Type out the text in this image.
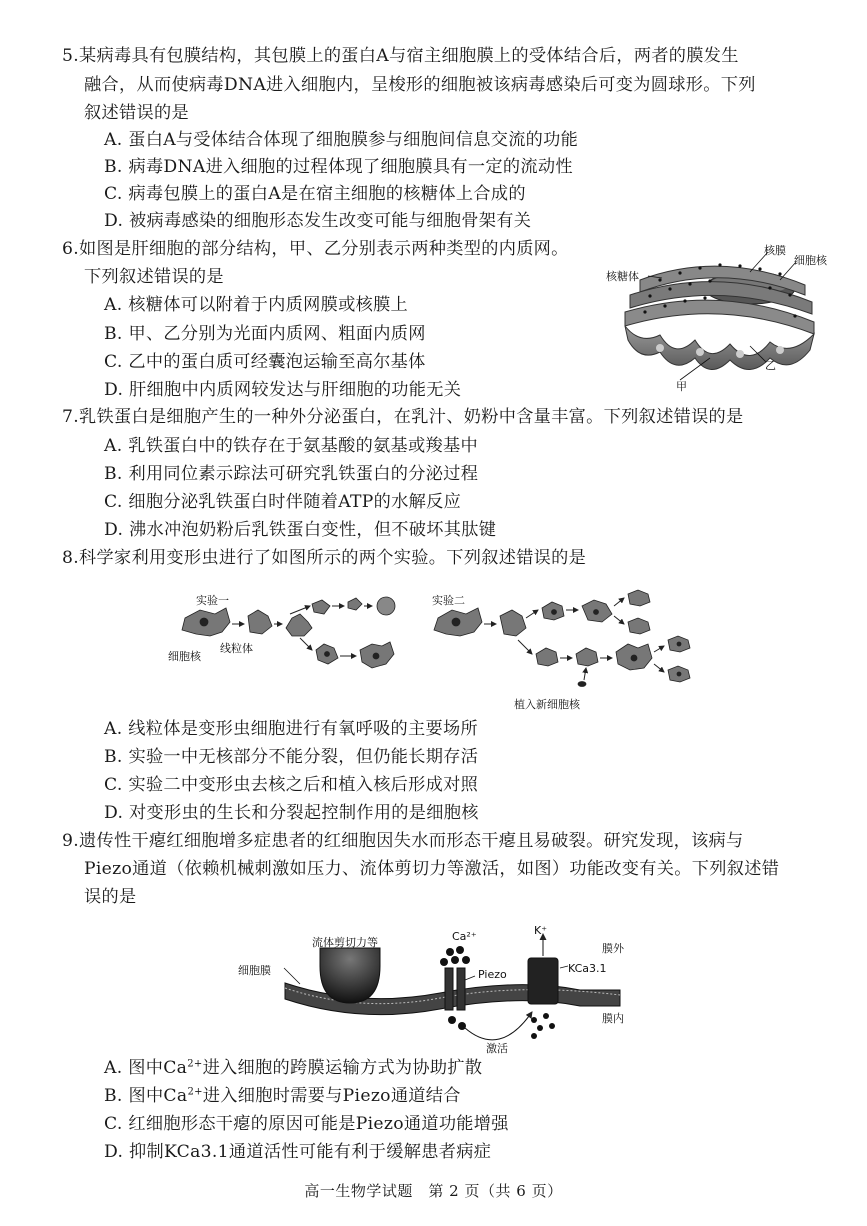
5.某病毒具有包膜结构，其包膜上的蛋白A与宿主细胞膜上的受体结合后，两者的膜发生
融合，从而使病毒DNA进入细胞内，呈梭形的细胞被该病毒感染后可变为圆球形。下列
叙述错误的是
A. 蛋白A与受体结合体现了细胞膜参与细胞间信息交流的功能
B. 病毒DNA进入细胞的过程体现了细胞膜具有一定的流动性
C. 病毒包膜上的蛋白A是在宿主细胞的核糖体上合成的
D. 被病毒感染的细胞形态发生改变可能与细胞骨架有关
6.如图是肝细胞的部分结构，甲、乙分别表示两种类型的内质网。
下列叙述错误的是
A. 核糖体可以附着于内质网膜或核膜上
B. 甲、乙分别为光面内质网、粗面内质网
C. 乙中的蛋白质可经囊泡运输至高尔基体
D. 肝细胞中内质网较发达与肝细胞的功能无关
核膜
细胞核
核糖体
乙
甲
7.乳铁蛋白是细胞产生的一种外分泌蛋白，在乳汁、奶粉中含量丰富。下列叙述错误的是
A. 乳铁蛋白中的铁存在于氨基酸的氨基或羧基中
B. 利用同位素示踪法可研究乳铁蛋白的分泌过程
C. 细胞分泌乳铁蛋白时伴随着ATP的水解反应
D. 沸水冲泡奶粉后乳铁蛋白变性，但不破坏其肽键
8.科学家利用变形虫进行了如图所示的两个实验。下列叙述错误的是
实验一	实验二
细胞核
线粒体
植入新细胞核
A. 线粒体是变形虫细胞进行有氧呼吸的主要场所
B. 实验一中无核部分不能分裂，但仍能长期存活
C. 实验二中变形虫去核之后和植入核后形成对照
D. 对变形虫的生长和分裂起控制作用的是细胞核
9.遗传性干瘪红细胞增多症患者的红细胞因失水而形态干瘪且易破裂。研究发现，该病与
Piezo通道（依赖机械刺激如压力、流体剪切力等激活，如图）功能改变有关。下列叙述错
误的是
流体剪切力等	Ca²⁺	K⁺
膜外
细胞膜	Piezo	KCa3.1
膜内
激活
A. 图中$Ca^{2+}$进入细胞的跨膜运输方式为协助扩散
B. 图中$Ca^{2+}$进入细胞时需要与Piezo通道结合
C. 红细胞形态干瘪的原因可能是Piezo通道功能增强
D. 抑制KCa3.1通道活性可能有利于缓解患者病症
高一生物学试题　第 2 页（共 6 页）
